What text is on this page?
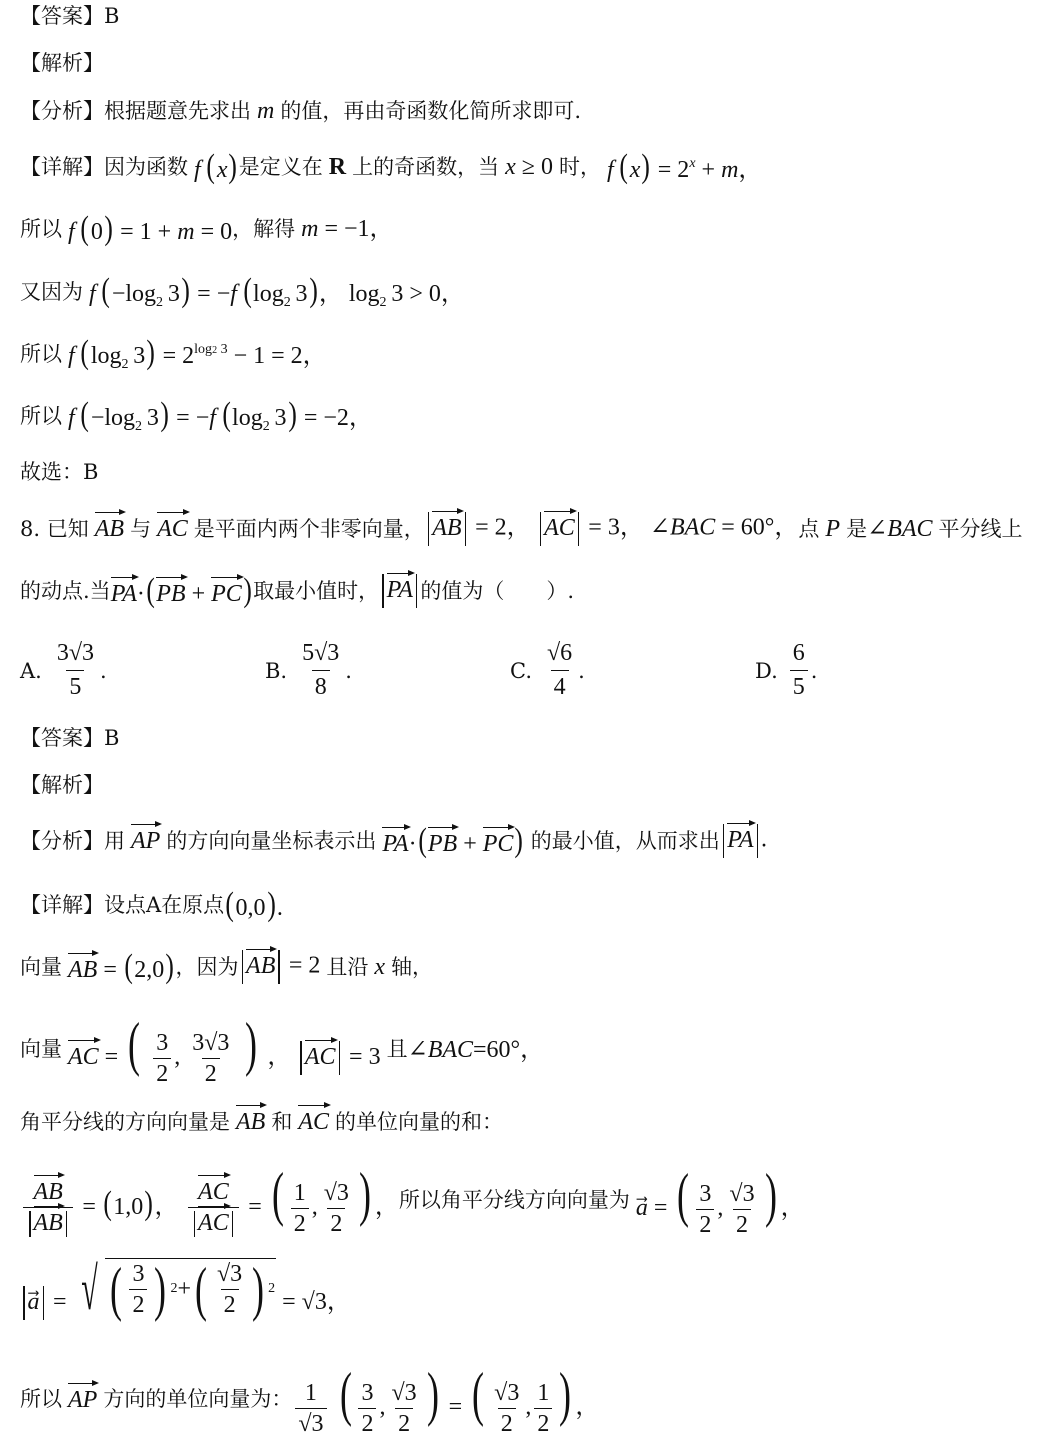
【答案】B
【解析】
【分析】 根据题意先求出 m 的值，再由奇函数化简所求即可.
【详解】 因为函数 f  (x) 是定义在 R 上的奇函数，当 x ≥ 0 时， f  $(x) = 2^x + m$，
所以 f  (0) = 1 + m = 0 ，解得 m = −1，
又因为 f  ($-\log_2$ 3) = −f  ($\log_2$ 3)， $\log_2 3 > 0$，
所以 f  ($\log_2$ $3) = 2^{log2 3} - 1 = 2$，
所以 f  ($-\log_2$ 3) = −f  ($\log_2$ 3) = −2，
故选：B
8.
已知 AB 与 AC 是平面内两个非零向量， AB = 2， AC = 3， ∠BAC = 60°， 点 P 是 ∠BAC 平分线上
的动点.当 PA·(PB + PC) 取最小值时， PA 的值为（　　）.
A. $\frac{3√3}{5}$ .	B. $\frac{5√3}{8}$ .	C. $\frac{√6}{4}$ .	D. $\frac{6}{5}$ .
【答案】B
【解析】
【分析】 用 AP 的方向向量坐标表示出 PA·(PB + PC) 的最小值，从而求出 PA .
【详解】 设点A在原点 (0,0).
向量 AB = (2,0) ，因为 AB = 2 且沿 x 轴，
向量 AC = ( $\frac{3}{2}$ , $\frac{3√3}{2}$ ) ， AC = 3 且 ∠BAC=60°，
角平分线的方向向量是 AB 和 AC 的单位向量的和：
$\frac{AB}{AB} = (1,0)$， $\frac{AC}{AC}$ = ( $\frac{1}{2}$ , $\frac{√3}{2}$ ) ， 所以角平分线方向向量为 a⃗ = ( $\frac{3}{2}$ , $\frac{√3}{2}$ ) ，
a = √ ( $\frac{3}{2}$ ) 2 + ( $\frac{√3}{2}$ ) 2
= √3，
所以 AP 方向的单位向量为： $\frac{1}{√3}$ ( $\frac{3}{2}$ , $\frac{√3}{2}$ ) = ( $\frac{√3}{2}$ , $\frac{1}{2}$ ) ，
